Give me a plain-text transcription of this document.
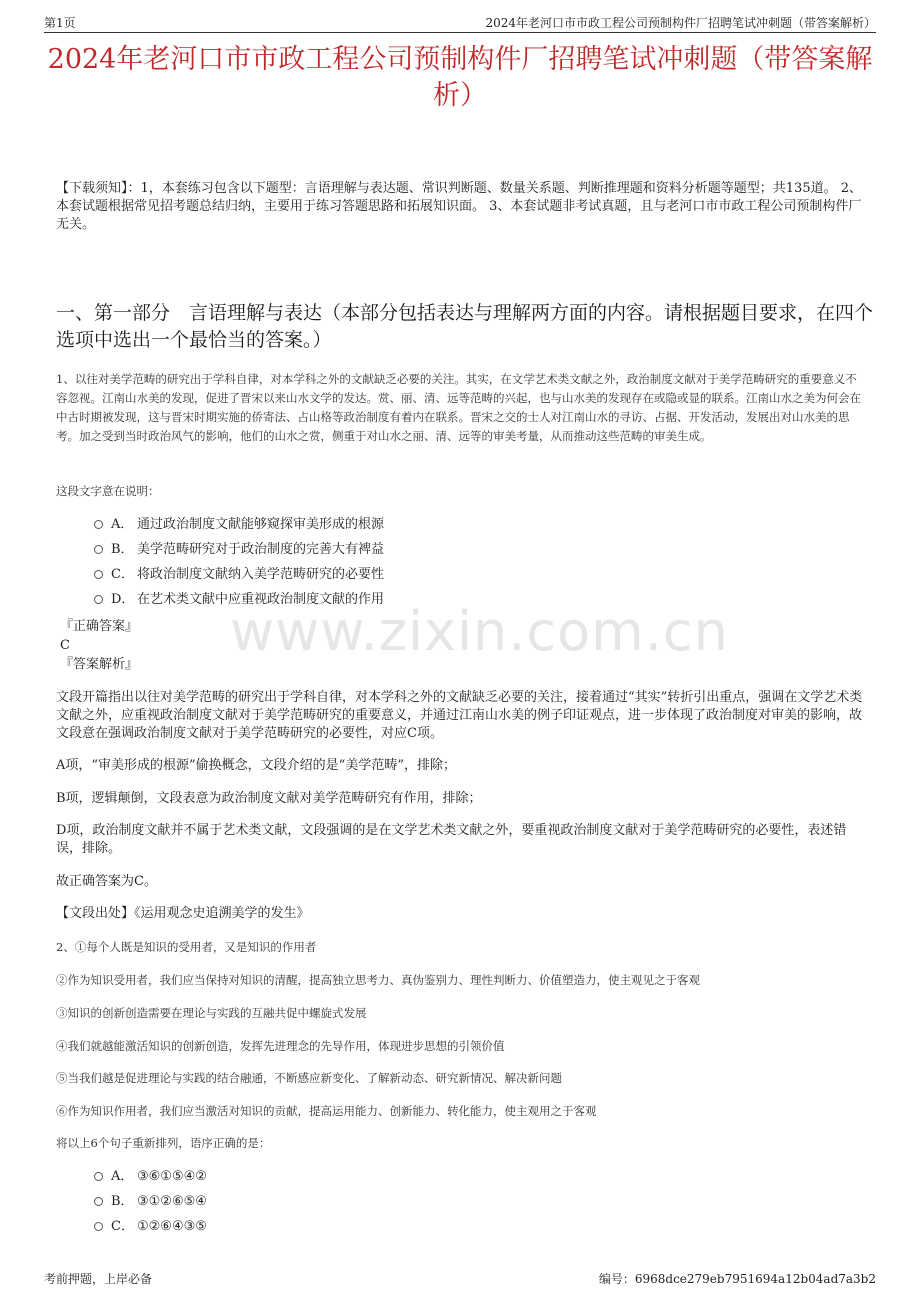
第1页	2024年老河口市市政工程公司预制构件厂招聘笔试冲刺题（带答案解析）
2024年老河口市市政工程公司预制构件厂招聘笔试冲刺题（带答案解析）
【下载须知】：1，本套练习包含以下题型：言语理解与表达题、常识判断题、数量关系题、判断推理题和资料分析题等题型；共135道。 2、本套试题根据常见招考题总结归纳，主要用于练习答题思路和拓展知识面。 3、本套试题非考试真题，且与老河口市市政工程公司预制构件厂无关。
一、第一部分　言语理解与表达（本部分包括表达与理解两方面的内容。请根据题目要求，在四个选项中选出一个最恰当的答案。）
1、以往对美学范畴的研究出于学科自律，对本学科之外的文献缺乏必要的关注。其实，在文学艺术类文献之外，政治制度文献对于美学范畴研究的重要意义不容忽视。江南山水美的发现，促进了晋宋以来山水文学的发达。赏、丽、清、远等范畴的兴起，也与山水美的发现存在或隐或显的联系。江南山水之美为何会在中古时期被发现，这与晋宋时期实施的侨寄法、占山格等政治制度有着内在联系。晋宋之交的士人对江南山水的寻访、占据、开发活动，发展出对山水美的思考。加之受到当时政治风气的影响，他们的山水之赏，侧重于对山水之丽、清、远等的审美考量，从而推动这些范畴的审美生成。
这段文字意在说明：
A． 通过政治制度文献能够窥探审美形成的根源
B． 美学范畴研究对于政治制度的完善大有裨益
C． 将政治制度文献纳入美学范畴研究的必要性
D． 在艺术类文献中应重视政治制度文献的作用
www.zixin.com.cn
『正确答案』
C
『答案解析』
文段开篇指出以往对美学范畴的研究出于学科自律，对本学科之外的文献缺乏必要的关注，接着通过“其实”转折引出重点，强调在文学艺术类文献之外，应重视政治制度文献对于美学范畴研究的重要意义，并通过江南山水美的例子印证观点，进一步体现了政治制度对审美的影响，故文段意在强调政治制度文献对于美学范畴研究的必要性，对应C项。
A项，“审美形成的根源”偷换概念，文段介绍的是“美学范畴”，排除；
B项，逻辑颠倒，文段表意为政治制度文献对美学范畴研究有作用，排除；
D项，政治制度文献并不属于艺术类文献，文段强调的是在文学艺术类文献之外，要重视政治制度文献对于美学范畴研究的必要性，表述错误，排除。
故正确答案为C。
【文段出处】《运用观念史追溯美学的发生》
2、①每个人既是知识的受用者，又是知识的作用者
②作为知识受用者，我们应当保持对知识的清醒，提高独立思考力、真伪鉴别力、理性判断力、价值塑造力，使主观见之于客观
③知识的创新创造需要在理论与实践的互融共促中螺旋式发展
④我们就越能激活知识的创新创造，发挥先进理念的先导作用，体现进步思想的引领价值
⑤当我们越是促进理论与实践的结合融通，不断感应新变化、了解新动态、研究新情况、解决新问题
⑥作为知识作用者，我们应当激活对知识的贡献，提高运用能力、创新能力、转化能力，使主观用之于客观
将以上6个句子重新排列，语序正确的是：
A． ③⑥①⑤④②
B． ③①②⑥⑤④
C． ①②⑥④③⑤
考前押题，上岸必备	编号：6968dce279eb7951694a12b04ad7a3b2
